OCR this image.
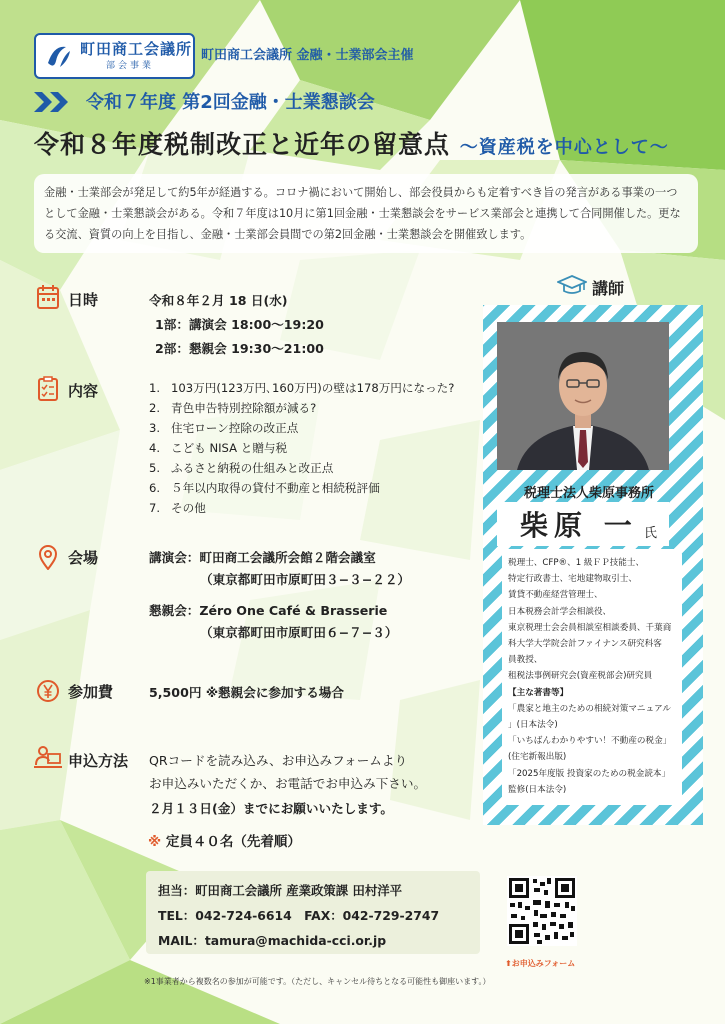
町田商工会議所
部会事業
町田商工会議所 金融・士業部会主催
令和７年度 第2回金融・士業懇談会
令和８年度税制改正と近年の留意点 ～資産税を中心として～
金融・士業部会が発足して約5年が経過する。コロナ禍において開始し、部会役員からも定着すべき旨の発言がある事業の一つとして金融・士業懇談会がある。令和７年度は10月に第1回金融・士業懇談会をサービス業部会と連携して合同開催した。更なる交流、資質の向上を目指し、金融・士業部会員間での第2回金融・士業懇談会を開催致します。
日時	令和８年２月 18 日(水)
1部：講演会 18:00～19:20
2部：懇親会 19:30～21:00
内容	1. 103万円(123万円､160万円)の壁は178万円になった?
2. 青色申告特別控除額が減る?
3. 住宅ローン控除の改正点
4. こども NISA と贈与税
5. ふるさと納税の仕組みと改正点
6. ５年以内取得の貸付不動産と相続税評価
7. その他
会場	講演会：町田商工会議所会館２階会議室
（東京都町田市原町田３−３−２２）
懇親会：Zéro One Café & Brasserie
（東京都町田市原町田６−７−３）
参加費	5,500円 ※懇親会に参加する場合
申込方法 QRコードを読み込み、お申込みフォームより
お申込みいただくか、お電話でお申込み下さい。
２月１３日(金）までにお願いいたします。
※ 定員４０名（先着順）
講師
税理士法人柴原事務所
柴原 一 氏
税理士、CFP®、1 級ＦＰ技能士、
特定行政書士、宅地建物取引士、
賃貸不動産経営管理士、
日本税務会計学会相談役、
東京税理士会会員相談室相談委員、千葉商
科大学大学院会計ファイナンス研究科客
員教授、
租税法事例研究会(資産税部会)研究員
【主な著書等】
「農家と地主のための相続対策マニュアル
」(日本法令)
「いちばんわかりやすい！不動産の税金」
(住宅新報出版)
「2025年度版 投資家のための税金読本」
監修(日本法令)
担当：町田商工会議所 産業政策課 田村洋平
TEL：042-724-6614　FAX：042-729-2747
MAIL：tamura@machida-cci.or.jp
⬆お申込みフォーム
※1事業者から複数名の参加が可能です。（ただし、キャンセル待ちとなる可能性も御座います。）
